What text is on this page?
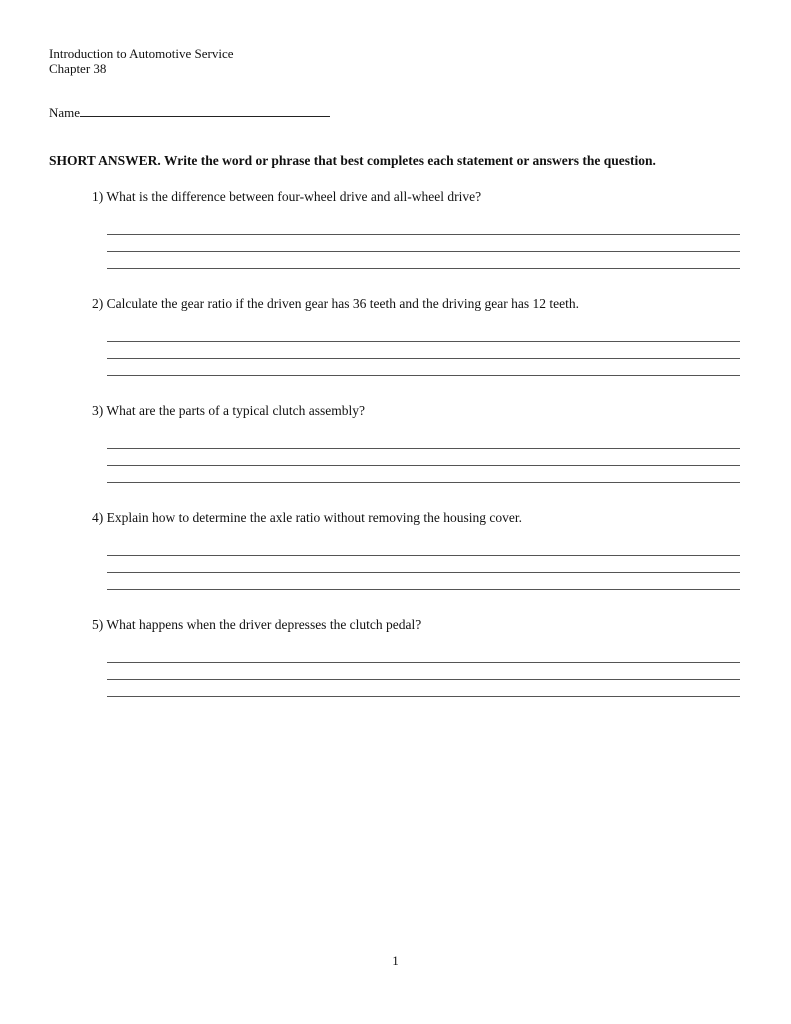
Introduction to Automotive Service
Chapter 38
Name
SHORT ANSWER. Write the word or phrase that best completes each statement or answers the question.
1) What is the difference between four-wheel drive and all-wheel drive?
2) Calculate the gear ratio if the driven gear has 36 teeth and the driving gear has 12 teeth.
3) What are the parts of a typical clutch assembly?
4) Explain how to determine the axle ratio without removing the housing cover.
5) What happens when the driver depresses the clutch pedal?
1
